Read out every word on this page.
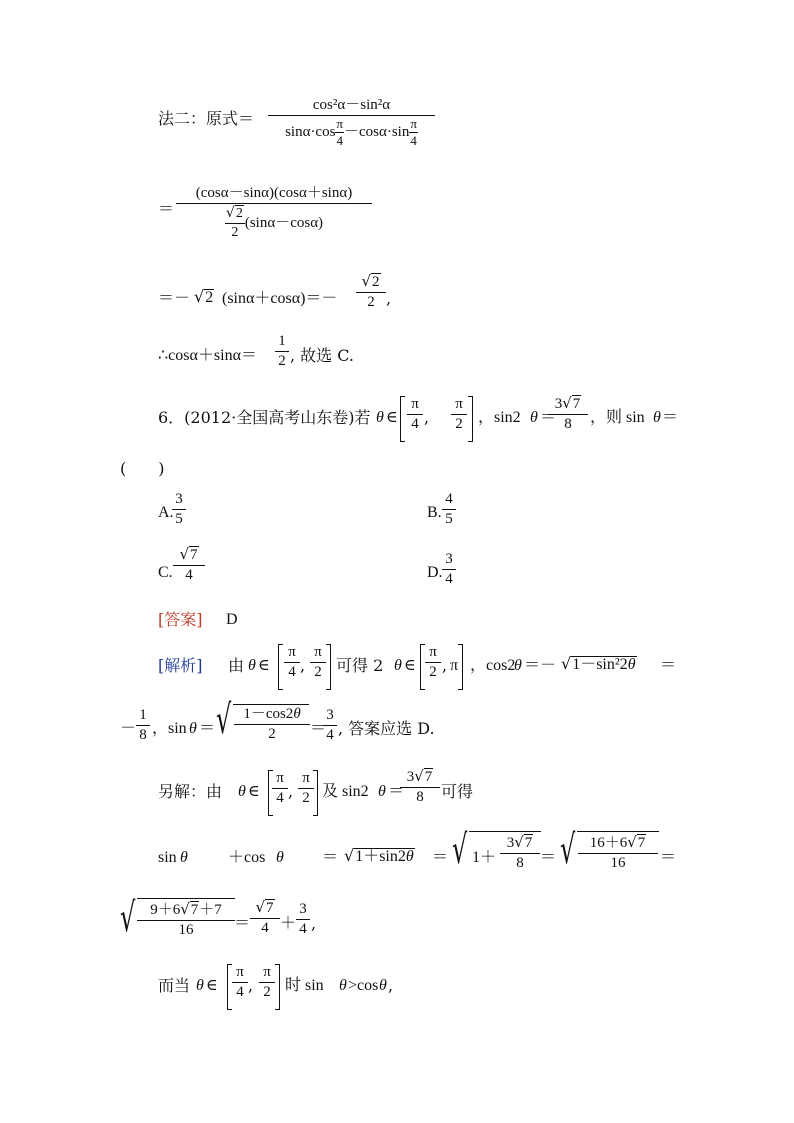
法二：原式＝
cos²α－sin²α
sinα·cos
π
4
－cosα·sin
π
4
＝
(cosα－sinα)(cosα＋sinα)
√2
2
(sinα－cosα)
＝－ √2 (sinα＋cosα)＝－
√2
2 ,
∴cosα＋sinα＝
1
2 , 故选 C.
6．(2012·全国高考山东卷)若 θ ∈
π
4 ,
π
2 ，sin2 θ ＝
3√7
8 ，则 sin θ ＝
(　　)
A.
3
5	B.
4
5
C.
√7
4	D.
3
4
[答案] D
[解析] 由 θ ∈
π
4 ,
π
2 可得 2 θ ∈
π
2 , π ，cos2
θ ＝－ √1－sin²2θ ＝
－
1
8 ，sin θ ＝ √ 1－cos2θ
2 ＝
3
4 , 答案应选 D.
另解：由 θ ∈
π
4 ,
π
2 及 sin2 θ ＝
3√7
8 可得
sin θ	＋cos θ ＝ √1＋sin2θ ＝ √ 1＋
3√7
8 ＝ √ 16＋6√7
16 ＝
√ 9＋6√7＋7
16	＝
√7
4 ＋
3
4 ,
而当 θ ∈
π
4 ,
π
2 时 sin θ >cos θ ,
